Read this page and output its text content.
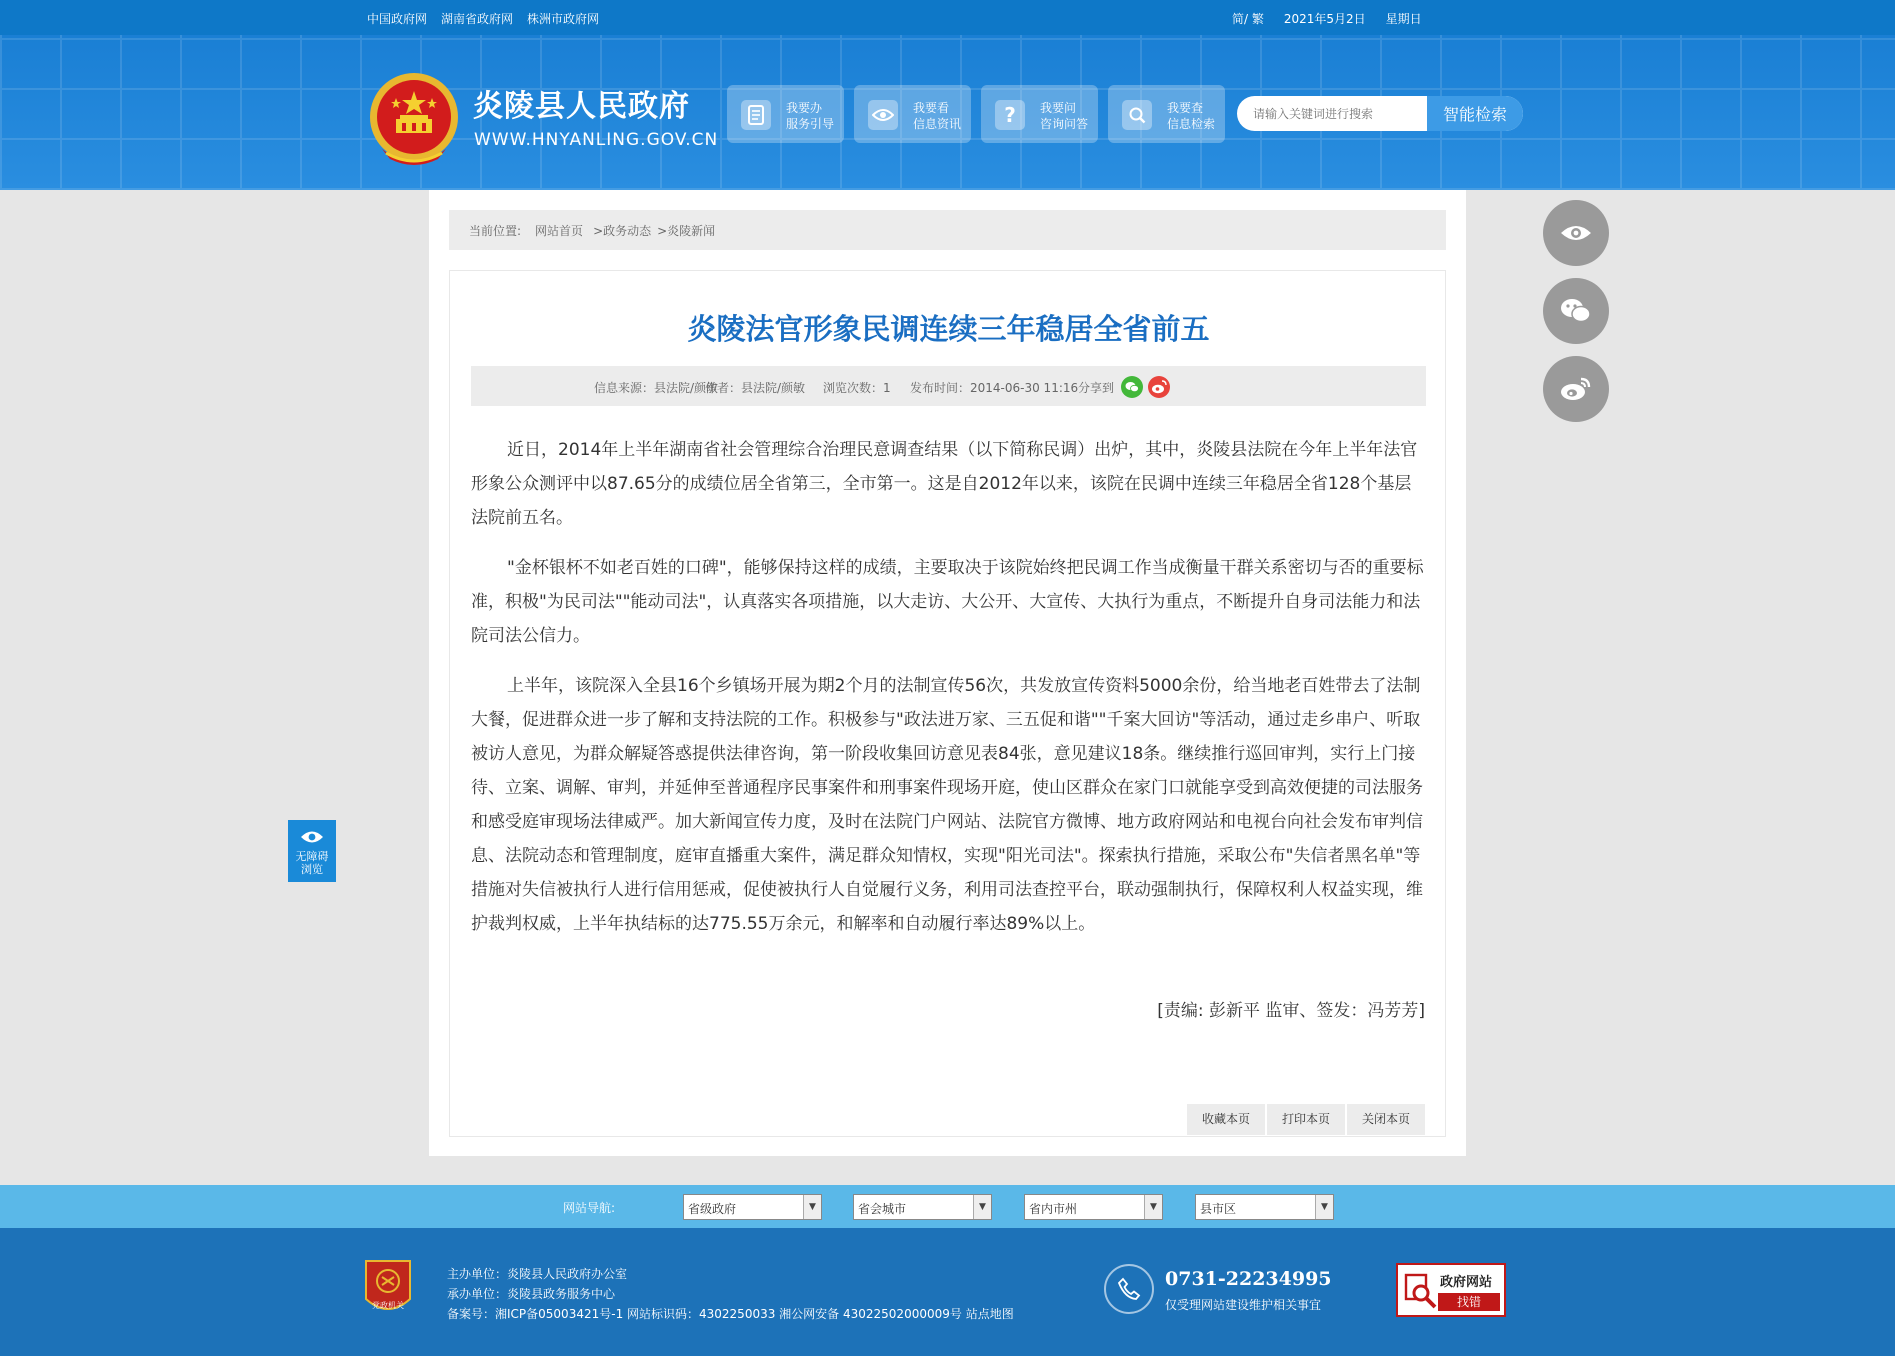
中国政府网 湖南省政府网 株洲市政府网	简/ 繁 2021年5月2日 星期日
炎陵县人民政府
WWW.HNYANLING.GOV.CN
我要办
服务引导
我要看
信息资讯 ? 我要问
咨询问答
我要查
信息检索
请输入关键词进行搜索	智能检索
当前位置: 网站首页 >政务动态 >炎陵新闻
炎陵法官形象民调连续三年稳居全省前五
信息来源：县法院/颜敏
作者：县法院/颜敏 浏览次数：1 发布时间：2014-06-30 11:16 分享到

近日，2014年上半年湖南省社会管理综合治理民意调查结果（以下简称民调）出炉，其中，炎陵县法院在今年上半年法官形象公众测评中以87.65分的成绩位居全省第三，全市第一。这是自2012年以来，该院在民调中连续三年稳居全省128个基层法院前五名。

"金杯银杯不如老百姓的口碑"，能够保持这样的成绩，主要取决于该院始终把民调工作当成衡量干群关系密切与否的重要标准，积极"为民司法""能动司法"，认真落实各项措施，以大走访、大公开、大宣传、大执行为重点，不断提升自身司法能力和法院司法公信力。

上半年，该院深入全县16个乡镇场开展为期2个月的法制宣传56次，共发放宣传资料5000余份，给当地老百姓带去了法制大餐，促进群众进一步了解和支持法院的工作。积极参与"政法进万家、三五促和谐""千案大回访"等活动，通过走乡串户、听取被访人意见，为群众解疑答惑提供法律咨询，第一阶段收集回访意见表84张，意见建议18条。继续推行巡回审判，实行上门接待、立案、调解、审判，并延伸至普通程序民事案件和刑事案件现场开庭，使山区群众在家门口就能享受到高效便捷的司法服务和感受庭审现场法律威严。加大新闻宣传力度，及时在法院门户网站、法院官方微博、地方政府网站和电视台向社会发布审判信息、法院动态和管理制度，庭审直播重大案件，满足群众知情权，实现"阳光司法"。探索执行措施，采取公布"失信者黑名单"等措施对失信被执行人进行信用惩戒，促使被执行人自觉履行义务，利用司法查控平台，联动强制执行，保障权利人权益实现，维护裁判权威，上半年执结标的达775.55万余元，和解率和自动履行率达89%以上。

[责编: 彭新平 监审、签发：冯芳芳]
收藏本页	打印本页	关闭本页
无障碍
浏览
网站导航:	省级政府	▼	省会城市	▼	省内市州	▼	县市区	▼
党政机关
主办单位：炎陵县人民政府办公室
承办单位：炎陵县政务服务中心
备案号：湘ICP备05003421号-1 网站标识码：4302250033 湘公网安备 43022502000009号 站点地图
0731-22234995
仅受理网站建设维护相关事宜
政府网站
找错
